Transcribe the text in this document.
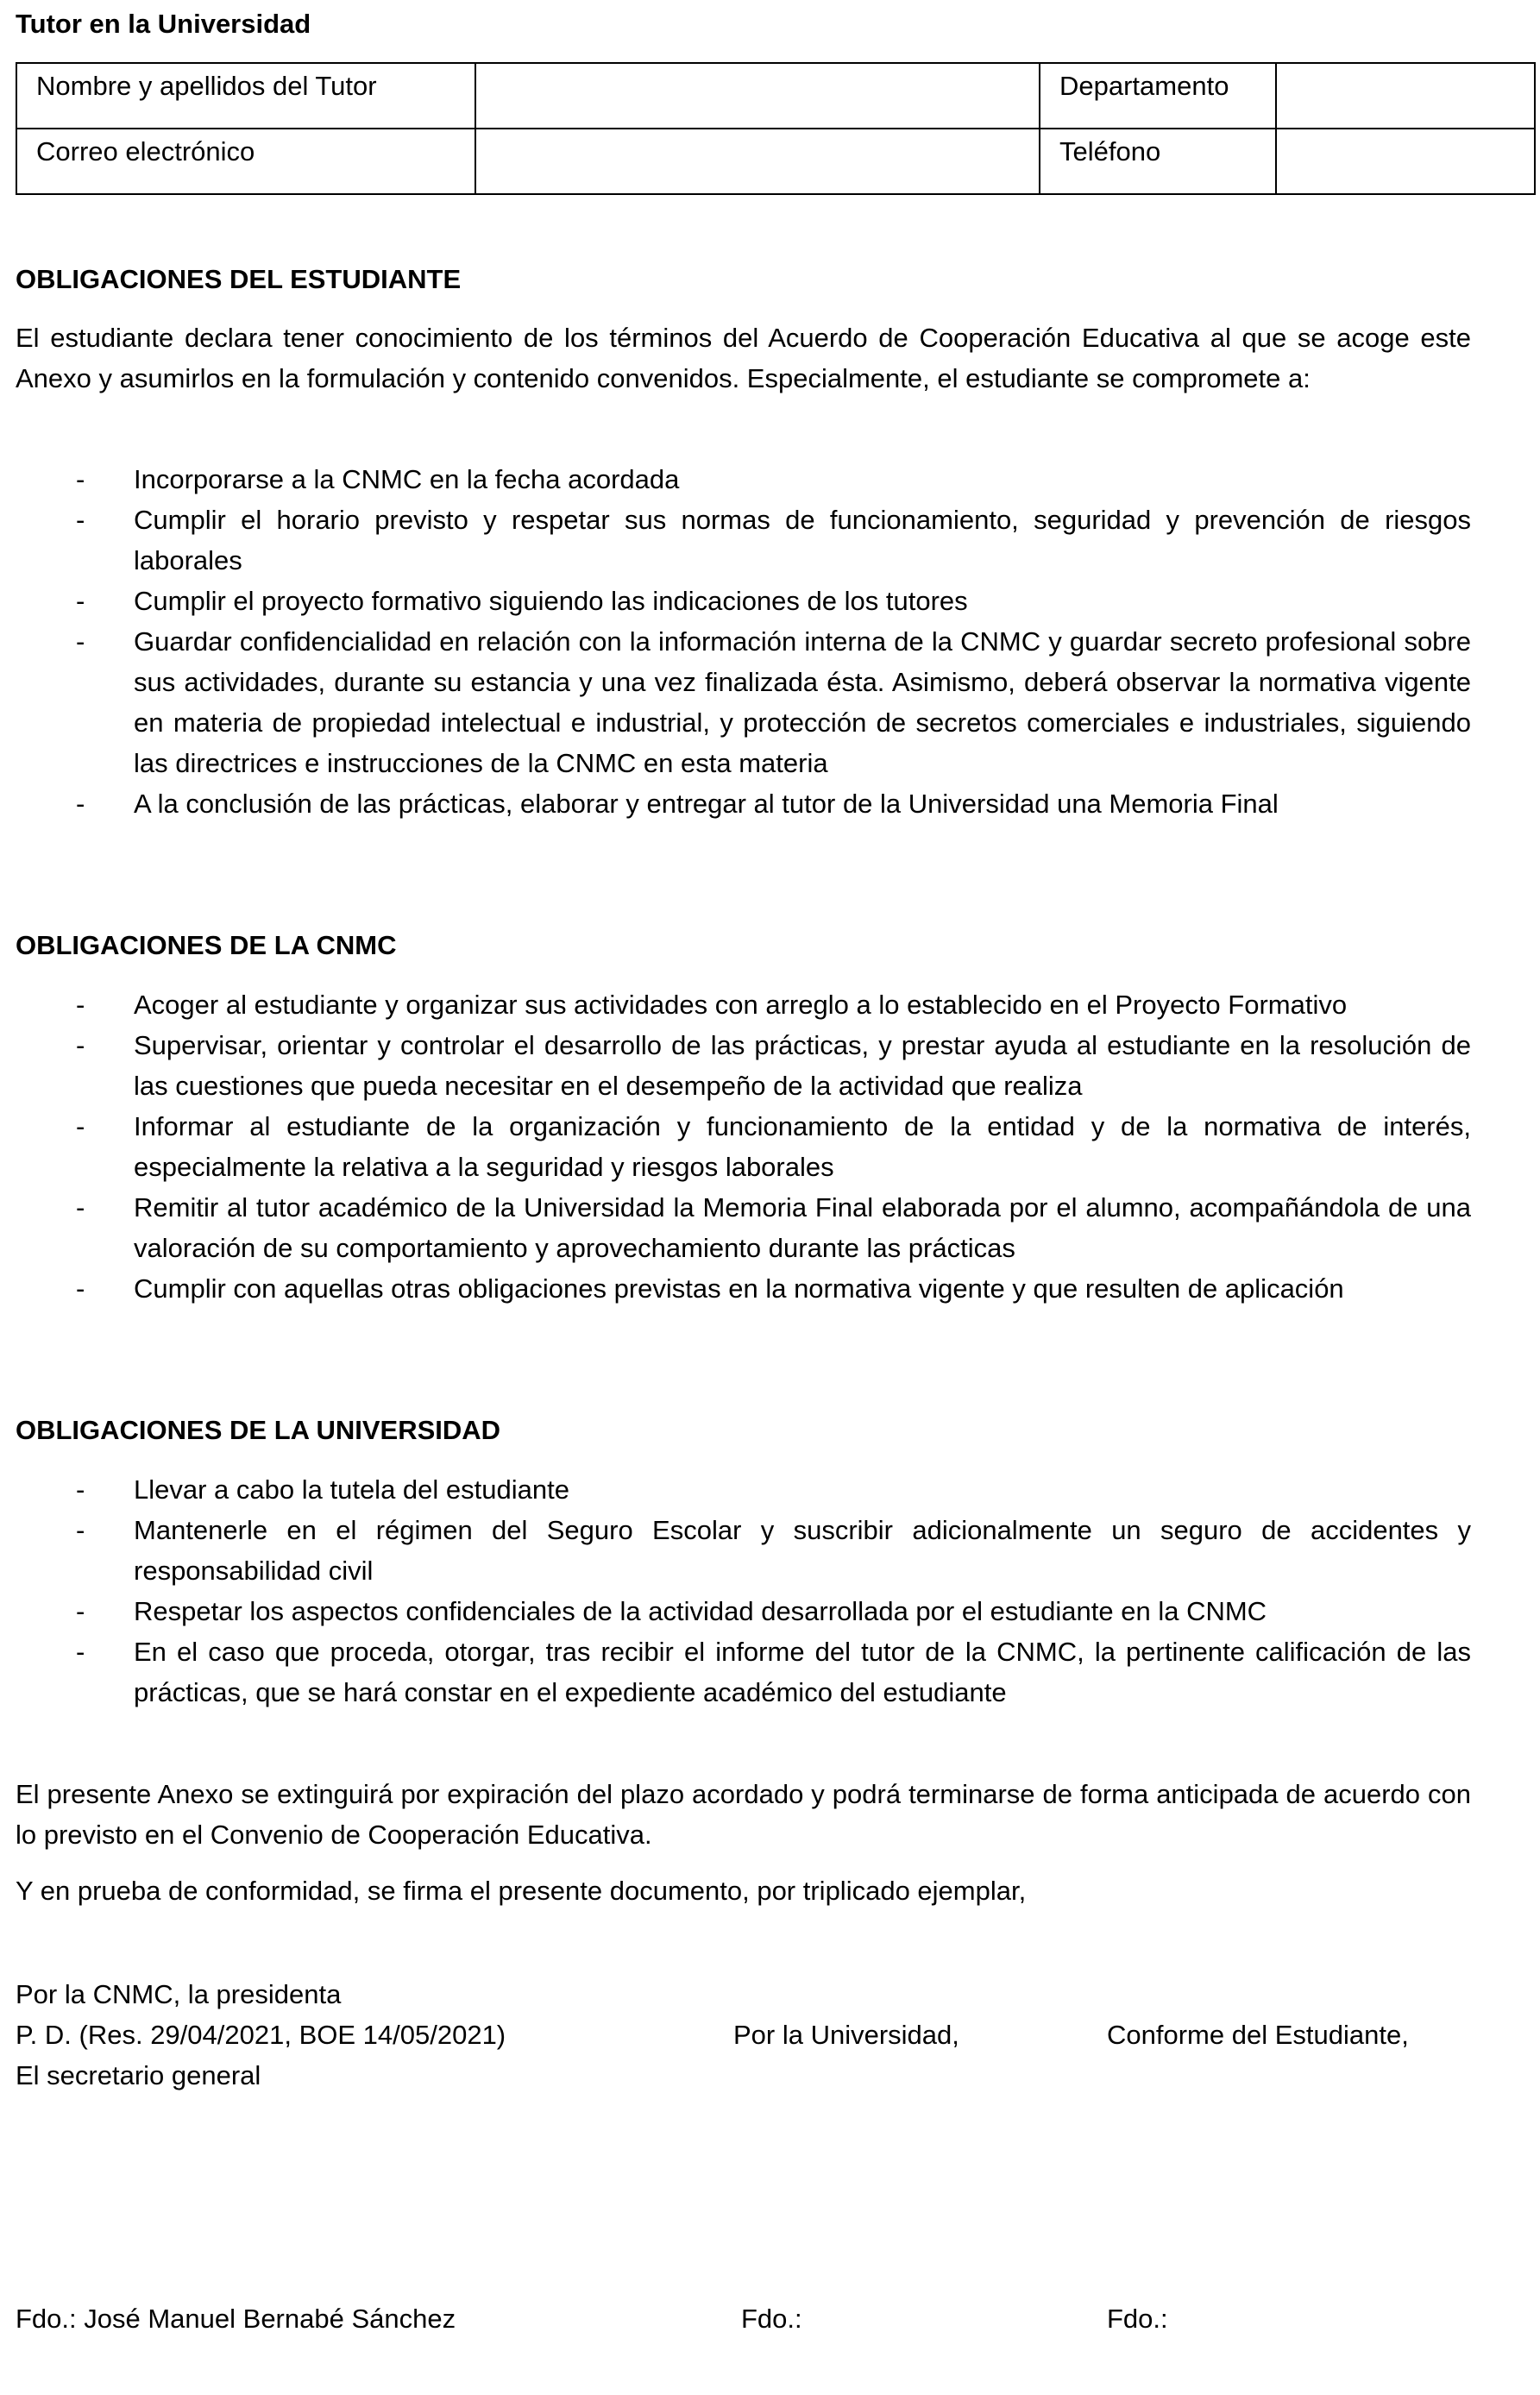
Tutor en la Universidad
Nombre y apellidos del Tutor		Departamento	
Correo electrónico		Teléfono	
OBLIGACIONES DEL ESTUDIANTE
El estudiante declara tener conocimiento de los términos del Acuerdo de Cooperación Educativa al que se acoge este Anexo y asumirlos en la formulación y contenido convenidos. Especialmente, el estudiante se compromete a:
- Incorporarse a la CNMC en la fecha acordada
- Cumplir el horario previsto y respetar sus normas de funcionamiento, seguridad y prevención de riesgos laborales
- Cumplir el proyecto formativo siguiendo las indicaciones de los tutores
- Guardar confidencialidad en relación con la información interna de la CNMC y guardar secreto profesional sobre sus actividades, durante su estancia y una vez finalizada ésta. Asimismo, deberá observar la normativa vigente en materia de propiedad intelectual e industrial, y protección de secretos comerciales e industriales, siguiendo las directrices e instrucciones de la CNMC en esta materia
- A la conclusión de las prácticas, elaborar y entregar al tutor de la Universidad una Memoria Final
OBLIGACIONES DE LA CNMC
- Acoger al estudiante y organizar sus actividades con arreglo a lo establecido en el Proyecto Formativo
- Supervisar, orientar y controlar el desarrollo de las prácticas, y prestar ayuda al estudiante en la resolución de las cuestiones que pueda necesitar en el desempeño de la actividad que realiza
- Informar al estudiante de la organización y funcionamiento de la entidad y de la normativa de interés, especialmente la relativa a la seguridad y riesgos laborales
- Remitir al tutor académico de la Universidad la Memoria Final elaborada por el alumno, acompañándola de una valoración de su comportamiento y aprovechamiento durante las prácticas
- Cumplir con aquellas otras obligaciones previstas en la normativa vigente y que resulten de aplicación
OBLIGACIONES DE LA UNIVERSIDAD
- Llevar a cabo la tutela del estudiante
- Mantenerle en el régimen del Seguro Escolar y suscribir adicionalmente un seguro de accidentes y responsabilidad civil
- Respetar los aspectos confidenciales de la actividad desarrollada por el estudiante en la CNMC
- En el caso que proceda, otorgar, tras recibir el informe del tutor de la CNMC, la pertinente calificación de las prácticas, que se hará constar en el expediente académico del estudiante
El presente Anexo se extinguirá por expiración del plazo acordado y podrá terminarse de forma anticipada de acuerdo con lo previsto en el Convenio de Cooperación Educativa.
Y en prueba de conformidad, se firma el presente documento, por triplicado ejemplar,
Por la CNMC, la presidenta
P. D. (Res. 29/04/2021, BOE 14/05/2021)
El secretario general
Por la Universidad,	Conforme del Estudiante,
Fdo.: José Manuel Bernabé Sánchez	Fdo.:	Fdo.:
